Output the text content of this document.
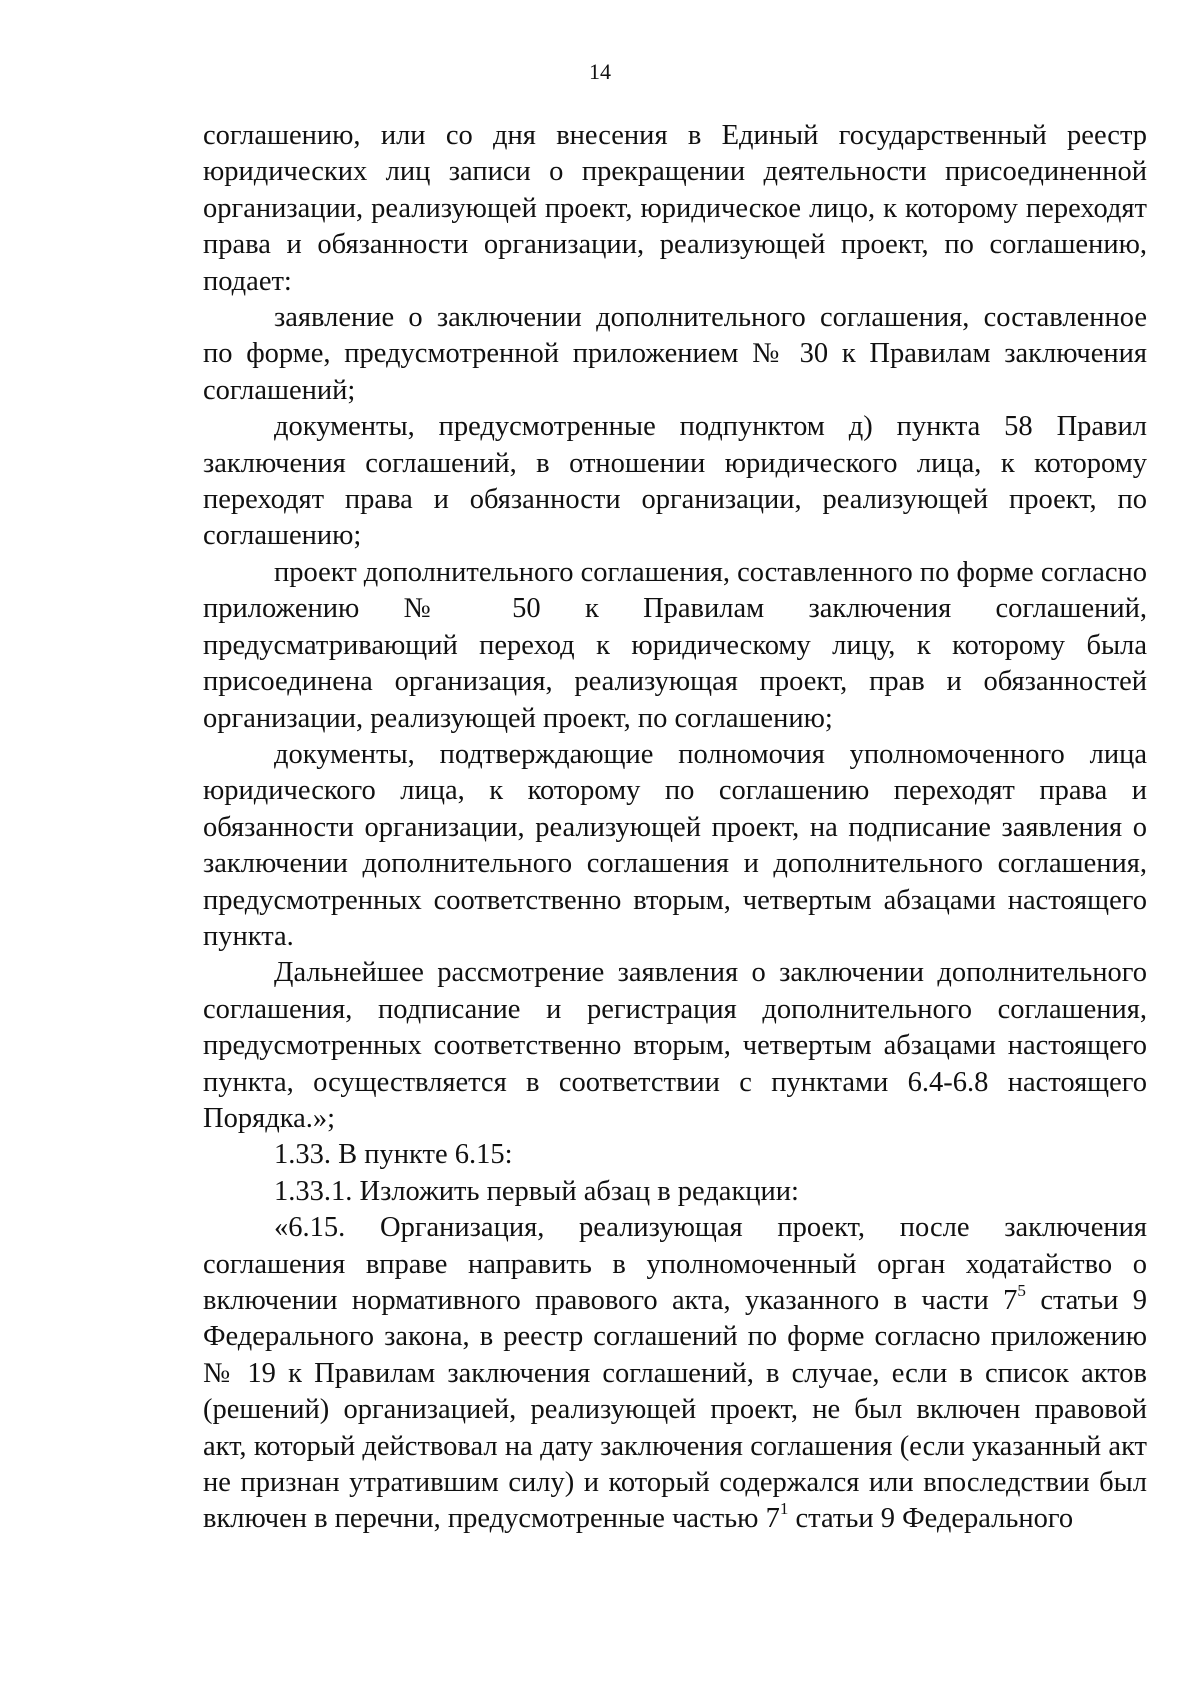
14

соглашению, или со дня внесения в Единый государственный реестр юридических лиц записи о прекращении деятельности присоединенной организации, реализующей проект, юридическое лицо, к которому переходят права и обязанности организации, реализующей проект, по соглашению, подает:

заявление о заключении дополнительного соглашения, составленное по форме, предусмотренной приложением № 30 к Правилам заключения соглашений;

документы, предусмотренные подпунктом д) пункта 58 Правил заключения соглашений, в отношении юридического лица, к которому переходят права и обязанности организации, реализующей проект, по соглашению;

проект дополнительного соглашения, составленного по форме согласно приложению № 50 к Правилам заключения соглашений, предусматривающий переход к юридическому лицу, к которому была присоединена организация, реализующая проект, прав и обязанностей организации, реализующей проект, по соглашению;

документы, подтверждающие полномочия уполномоченного лица юридического лица, к которому по соглашению переходят права и обязанности организации, реализующей проект, на подписание заявления о заключении дополнительного соглашения и дополнительного соглашения, предусмотренных соответственно вторым, четвертым абзацами настоящего пункта.

Дальнейшее рассмотрение заявления о заключении дополнительного соглашения, подписание и регистрация дополнительного соглашения, предусмотренных соответственно вторым, четвертым абзацами настоящего пункта, осуществляется в соответствии с пунктами 6.4-6.8 настоящего Порядка.»;

1.33. В пункте 6.15:

1.33.1. Изложить первый абзац в редакции:

«6.15. Организация, реализующая проект, после заключения соглашения вправе направить в уполномоченный орган ходатайство о включении нормативного правового акта, указанного в части $7^5$ статьи 9 Федерального закона, в реестр соглашений по форме согласно приложению № 19 к Правилам заключения соглашений, в случае, если в список актов (решений) организацией, реализующей проект, не был включен правовой акт, который действовал на дату заключения соглашения (если указанный акт не признан утратившим силу) и который содержался или впоследствии был включен в перечни, предусмотренные частью $7^1$ статьи 9 Федерального
